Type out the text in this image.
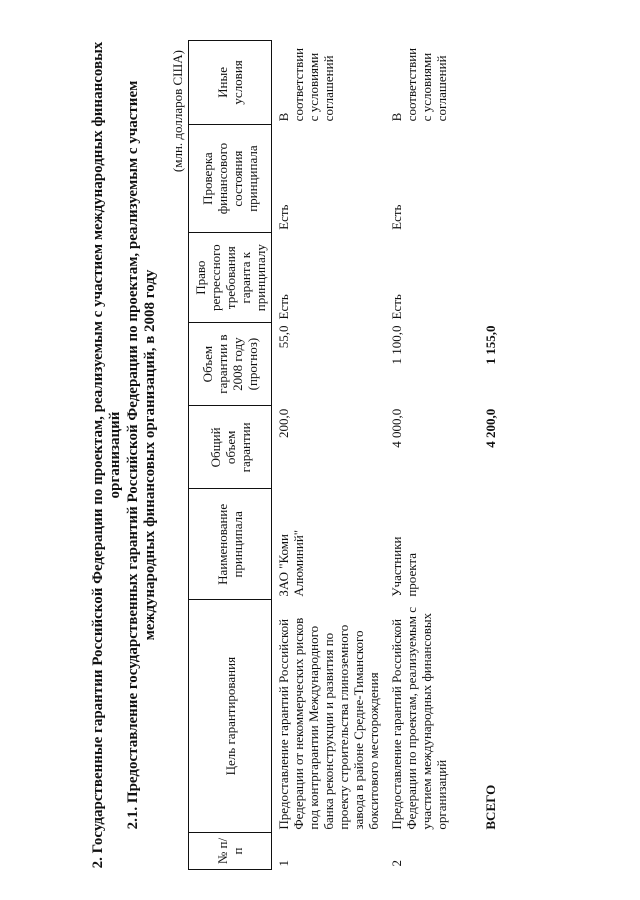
2. Государственные гарантии Российской Федерации по проектам, реализуемым с участием международных финансовых организаций 2.1. Предоставление государственных гарантий Российской Федерации по проектам, реализуемым с участием международных финансовых организаций, в 2008 году
(млн. долларов США)
№ п/п	Цель гарантирования	Наименование принципала	Общий объем гарантии	Объем гарантии в 2008 году (прогноз)	Право регрессного требования гаранта к принципалу	Проверка финансового состояния принципала	Иные условия
1	Предоставление гарантий Российской Федерации от некоммерческих рисков под контргарантии Международного банка реконструкции и развития по проекту строительства глиноземного завода в районе Средне-Тиманского бокситового месторождения	ЗАО "Коми Алюминий"	200,0	55,0	Есть	Есть	В соответствии с условиями соглашений
2	Предоставление гарантий Российской Федерации по проектам, реализуемым с участием международных финансовых организаций	Участники проекта	4 000,0	1 100,0	Есть	Есть	В соответствии с условиями соглашений
	ВСЕГО		4 200,0	1 155,0			
